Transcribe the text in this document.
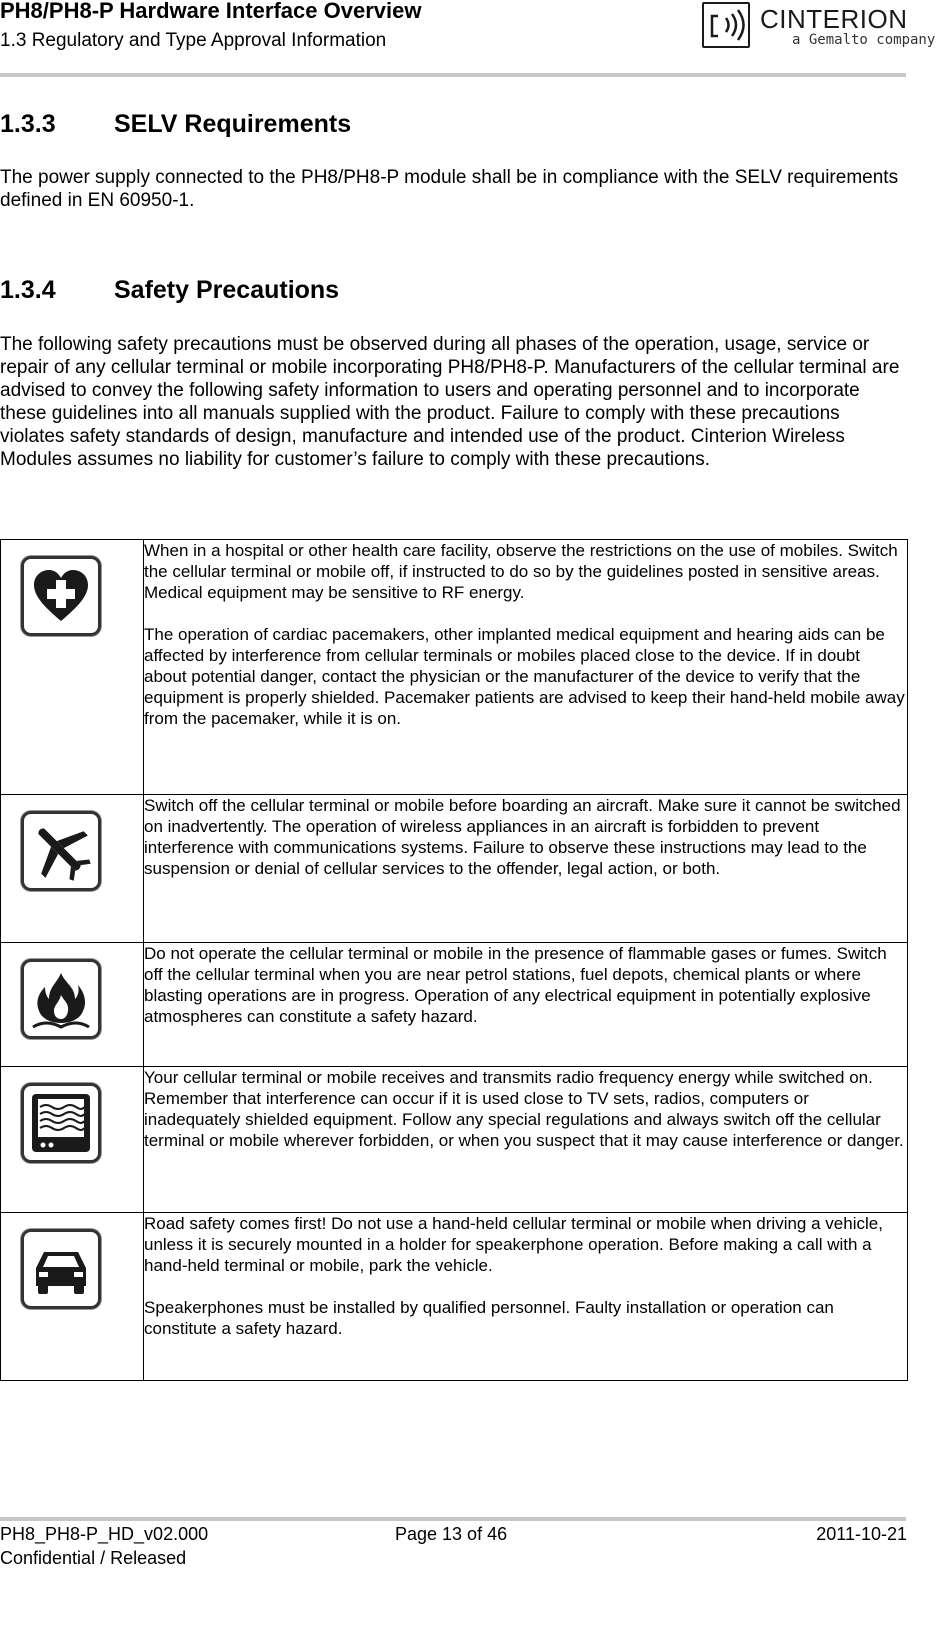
PH8/PH8-P Hardware Interface Overview
1.3 Regulatory and Type Approval Information
CINTERION
a Gemalto company
1.3.3 SELV Requirements

The power supply connected to the PH8/PH8-P module shall be in compliance with the SELV requirements defined in EN 60950-1.

1.3.4 Safety Precautions

The following safety precautions must be observed during all phases of the operation, usage, service or repair of any cellular terminal or mobile incorporating PH8/PH8-P. Manufacturers of the cellular terminal are advised to convey the following safety information to users and operating personnel and to incorporate these guidelines into all manuals supplied with the product. Failure to comply with these precautions violates safety standards of design, manufacture and intended use of the product. Cinterion Wireless Modules assumes no liability for customer’s failure to comply with these precautions.

When in a hospital or other health care facility, observe the restrictions on the use of mobiles. Switch the cellular terminal or mobile off, if instructed to do so by the guidelines posted in sensitive areas. Medical equipment may be sensitive to RF energy.

The operation of cardiac pacemakers, other implanted medical equipment and hearing aids can be affected by interference from cellular terminals or mobiles placed close to the device. If in doubt about potential danger, contact the physician or the manufacturer of the device to verify that the equipment is properly shielded. Pacemaker patients are advised to keep their hand-held mobile away from the pacemaker, while it is on.

Switch off the cellular terminal or mobile before boarding an aircraft. Make sure it cannot be switched on inadvertently. The operation of wireless appliances in an aircraft is forbidden to prevent interference with communications systems. Failure to observe these instructions may lead to the suspension or denial of cellular services to the offender, legal action, or both.

Do not operate the cellular terminal or mobile in the presence of flammable gases or fumes. Switch off the cellular terminal when you are near petrol stations, fuel depots, chemical plants or where blasting operations are in progress. Operation of any electrical equipment in potentially explosive atmospheres can constitute a safety hazard.

Your cellular terminal or mobile receives and transmits radio frequency energy while switched on. Remember that interference can occur if it is used close to TV sets, radios, computers or inadequately shielded equipment. Follow any special regulations and always switch off the cellular terminal or mobile wherever forbidden, or when you suspect that it may cause interference or danger.

Road safety comes first! Do not use a hand-held cellular terminal or mobile when driving a vehicle, unless it is securely mounted in a holder for speakerphone operation. Before making a call with a hand-held terminal or mobile, park the vehicle.

Speakerphones must be installed by qualified personnel. Faulty installation or operation can constitute a safety hazard.

PH8_PH8-P_HD_v02.000
Confidential / Released
Page 13 of 46	2011-10-21
